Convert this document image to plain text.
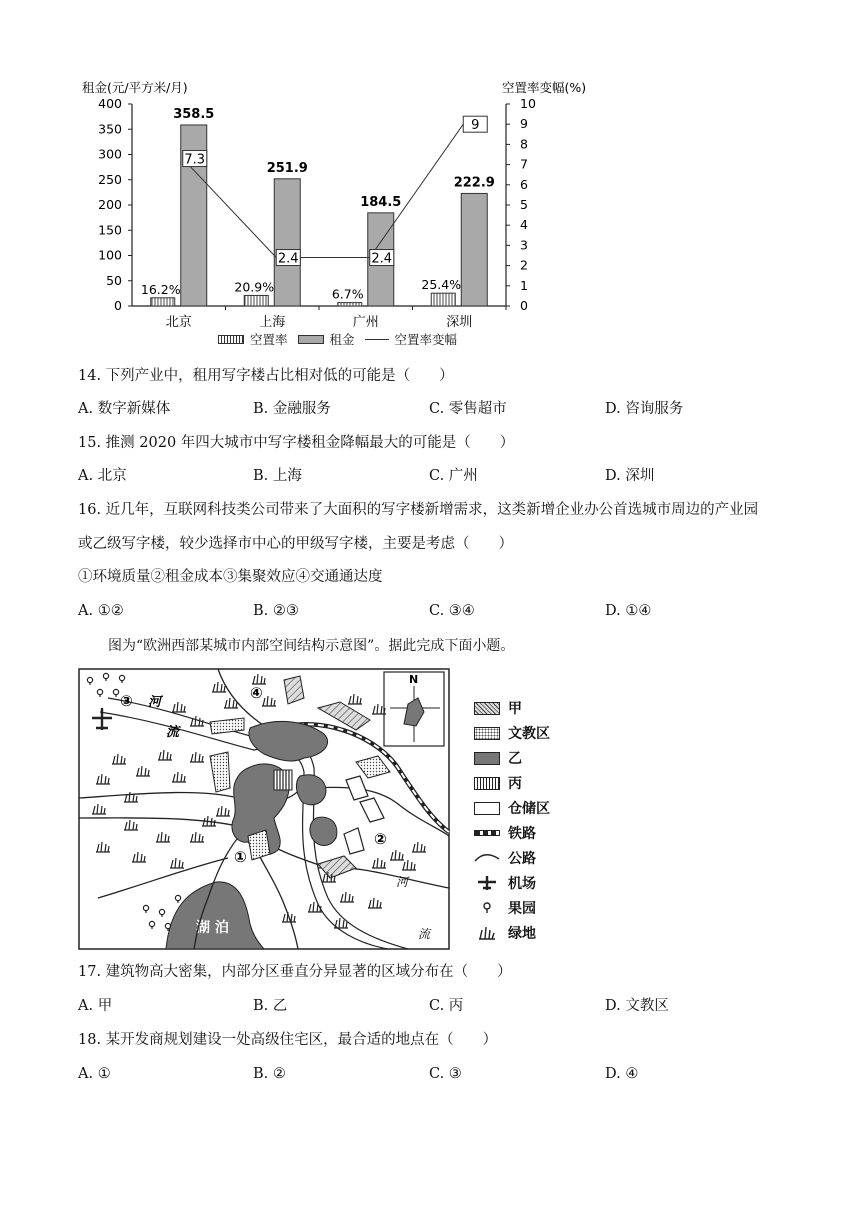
租金(元/平方米/月)	空置率变幅(%)
0
50
100
150
200
250
300
350
400
0
1
2
3
4
5
6
7
8
9
10
北京	上海	广州	深圳
16.2%
358.5
20.9%
251.9
6.7%
184.5
25.4%
222.9
7.3
2.4	2.4
9
空置率	租金	空置率变幅
14. 下列产业中，租用写字楼占比相对低的可能是（　　）
A. 数字新媒体	B. 金融服务	C. 零售超市	D. 咨询服务
15. 推测 2020 年四大城市中写字楼租金降幅最大的可能是（　　）
A. 北京	B. 上海	C. 广州	D. 深圳
16. 近几年，互联网科技类公司带来了大面积的写字楼新增需求，这类新增企业办公首选城市周边的产业园
或乙级写字楼，较少选择市中心的甲级写字楼，主要是考虑（　　）
①环境质量②租金成本③集聚效应④交通通达度
A. ①②	B. ②③	C. ③④	D. ①④
图为“欧洲西部某城市内部空间结构示意图”。据此完成下面小题。
湖 泊
N
河
流
河
流
①
②
③	④
甲
文教区
乙
丙
仓储区
铁路
公路
机场
果园
绿地
17. 建筑物高大密集，内部分区垂直分异显著的区域分布在（　　）
A. 甲	B. 乙	C. 丙	D. 文教区
18. 某开发商规划建设一处高级住宅区，最合适的地点在（　　）
A. ①	B. ②	C. ③	D. ④
